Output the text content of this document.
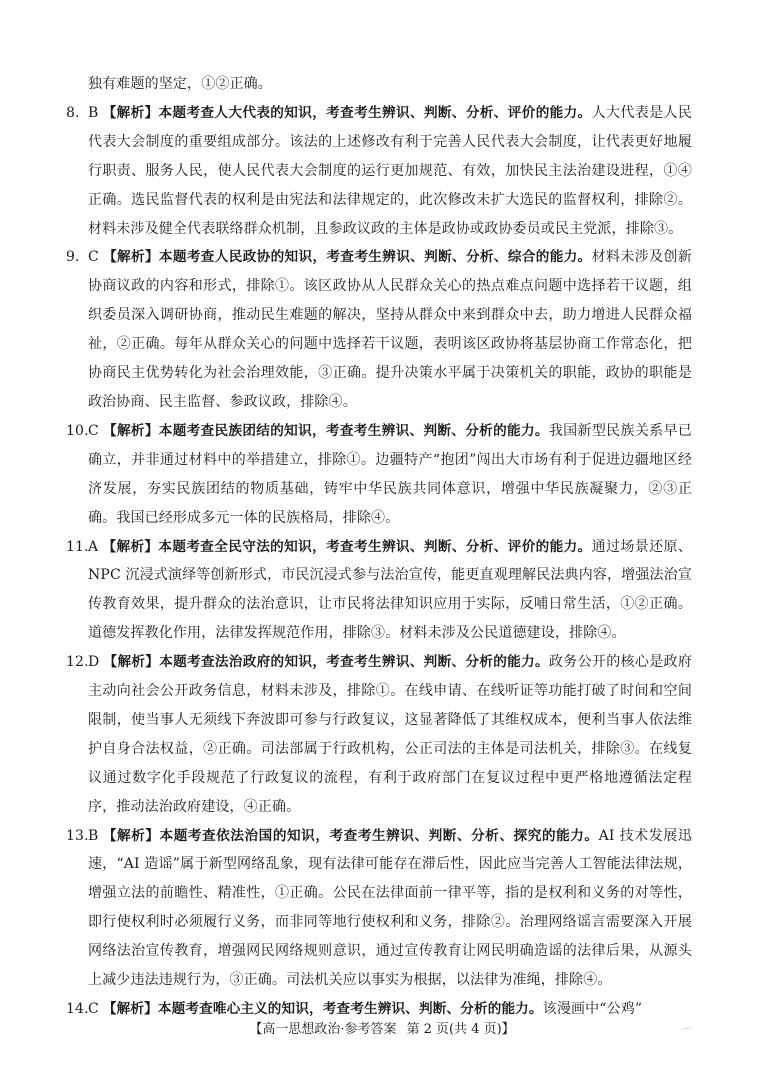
独有难题的坚定，①②正确。

8. B 【解析】本题考查人大代表的知识，考查考生辨识、判断、分析、评价的能力。人大代表是人民代表大会制度的重要组成部分。该法的上述修改有利于完善人民代表大会制度，让代表更好地履行职责、服务人民，使人民代表大会制度的运行更加规范、有效，加快民主法治建设进程，①④正确。选民监督代表的权利是由宪法和法律规定的，此次修改未扩大选民的监督权利，排除②。材料未涉及健全代表联络群众机制，且参政议政的主体是政协或政协委员或民主党派，排除③。

9. C 【解析】本题考查人民政协的知识，考查考生辨识、判断、分析、综合的能力。材料未涉及创新协商议政的内容和形式，排除①。该区政协从人民群众关心的热点难点问题中选择若干议题，组织委员深入调研协商，推动民生难题的解决，坚持从群众中来到群众中去，助力增进人民群众福祉，②正确。每年从群众关心的问题中选择若干议题，表明该区政协将基层协商工作常态化，把协商民主优势转化为社会治理效能，③正确。提升决策水平属于决策机关的职能，政协的职能是政治协商、民主监督、参政议政，排除④。

10.C 【解析】本题考查民族团结的知识，考查考生辨识、判断、分析的能力。我国新型民族关系早已确立，并非通过材料中的举措建立，排除①。边疆特产“抱团”闯出大市场有利于促进边疆地区经济发展，夯实民族团结的物质基础，铸牢中华民族共同体意识，增强中华民族凝聚力，②③正确。我国已经形成多元一体的民族格局，排除④。

11.A 【解析】本题考查全民守法的知识，考查考生辨识、判断、分析、评价的能力。通过场景还原、NPC 沉浸式演绎等创新形式，市民沉浸式参与法治宣传，能更直观理解民法典内容，增强法治宣传教育效果，提升群众的法治意识，让市民将法律知识应用于实际，反哺日常生活，①②正确。道德发挥教化作用，法律发挥规范作用，排除③。材料未涉及公民道德建设，排除④。

12.D 【解析】本题考查法治政府的知识，考查考生辨识、判断、分析的能力。政务公开的核心是政府主动向社会公开政务信息，材料未涉及，排除①。在线申请、在线听证等功能打破了时间和空间限制，使当事人无须线下奔波即可参与行政复议，这显著降低了其维权成本，便利当事人依法维护自身合法权益，②正确。司法部属于行政机构，公正司法的主体是司法机关，排除③。在线复议通过数字化手段规范了行政复议的流程，有利于政府部门在复议过程中更严格地遵循法定程序，推动法治政府建设，④正确。

13.B 【解析】本题考查依法治国的知识，考查考生辨识、判断、分析、探究的能力。AI 技术发展迅速，“AI 造谣”属于新型网络乱象，现有法律可能存在滞后性，因此应当完善人工智能法律法规，增强立法的前瞻性、精准性，①正确。公民在法律面前一律平等，指的是权利和义务的对等性，即行使权利时必须履行义务，而非同等地行使权利和义务，排除②。治理网络谣言需要深入开展网络法治宣传教育，增强网民网络规则意识，通过宣传教育让网民明确造谣的法律后果，从源头上减少违法违规行为，③正确。司法机关应以事实为根据，以法律为准绳，排除④。

14.C 【解析】本题考查唯心主义的知识，考查考生辨识、判断、分析的能力。该漫画中“公鸡”

【高一思想政治·参考答案 第 2 页(共 4 页)】	...
